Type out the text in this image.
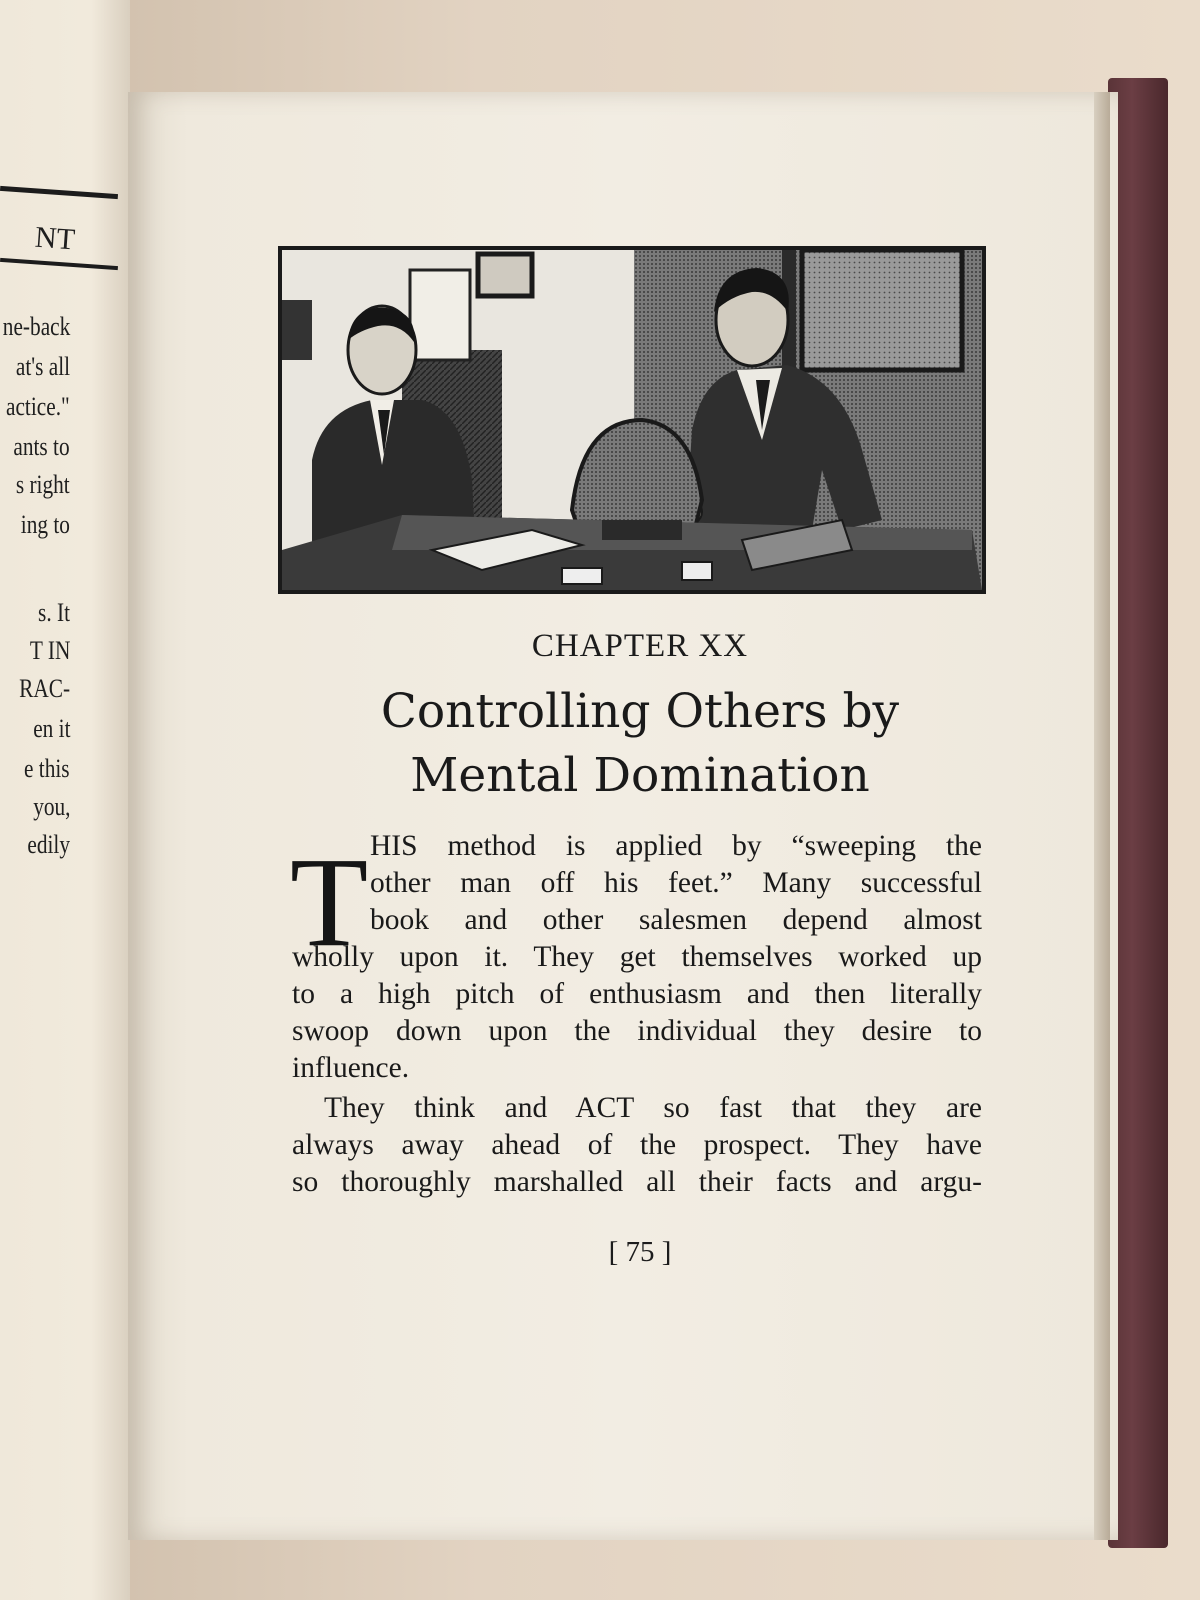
NT
ne-back
at's all
actice."
ants to
s right
ing to
s. It
T IN
RAC-
en it
e this
you,
edily
CHAPTER XX
Controlling Others by
Mental Domination
T HIS method is applied by “sweeping the
other man off his feet.” Many successful
book and other salesmen depend almost
wholly upon it. They get themselves worked up
to a high pitch of enthusiasm and then literally
swoop down upon the individual they desire to
influence.
They think and ACT so fast that they are
always away ahead of the prospect. They have
so thoroughly marshalled all their facts and argu-
[ 75 ]
